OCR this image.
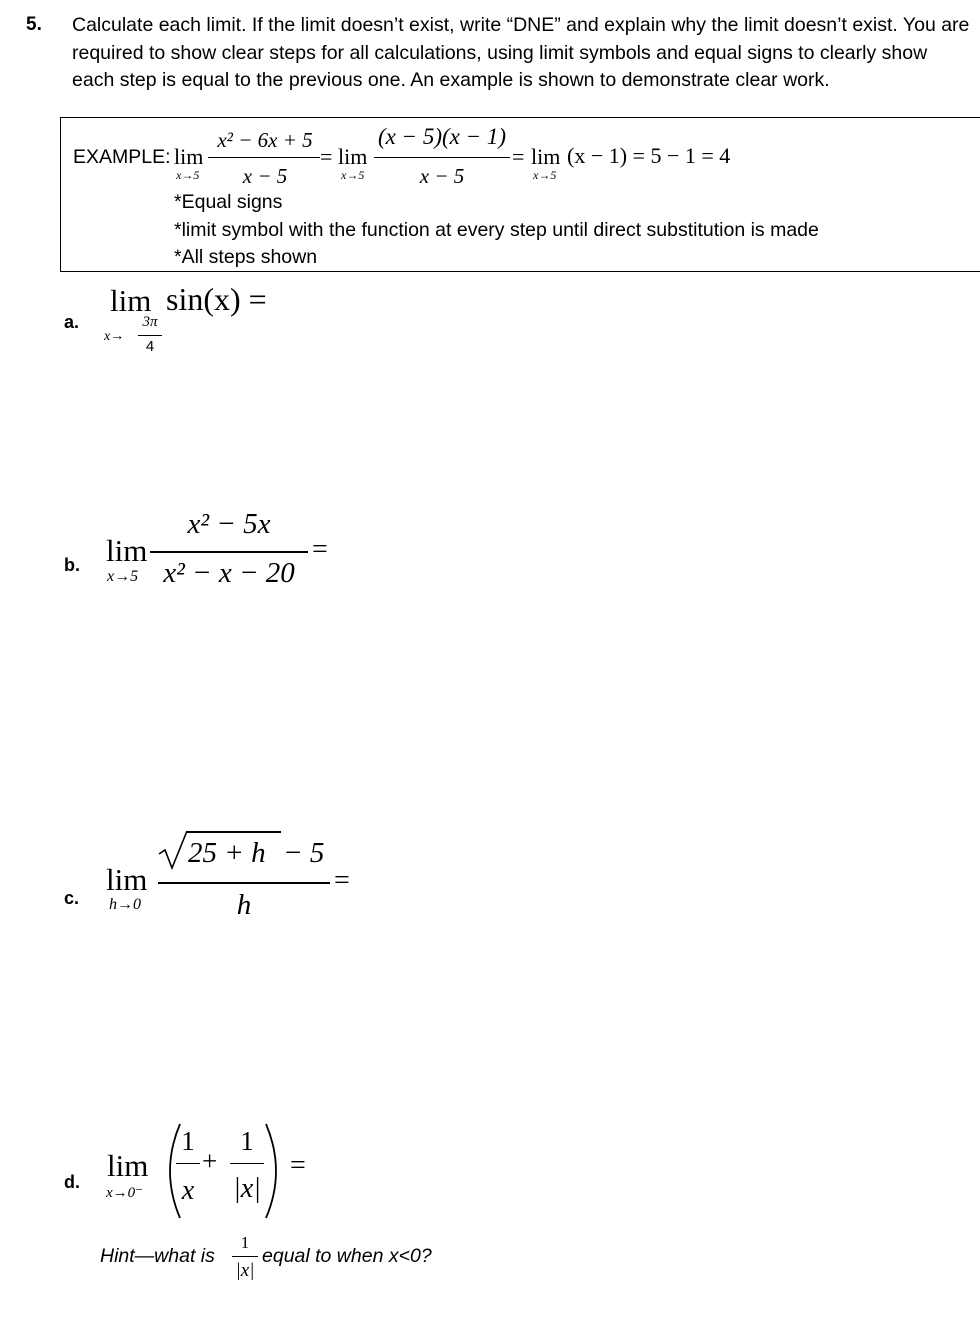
5. Calculate each limit. If the limit doesn’t exist, write “DNE” and explain why the limit doesn’t exist. You are required to show clear steps for all calculations, using limit symbols and equal signs to clearly show each step is equal to the previous one. An example is shown to demonstrate clear work.
EXAMPLE: lim
x→5
x² − 6x + 5
x − 5
= lim
x→5
(x − 5)(x − 1)
x − 5
= lim
x→5
(x − 1) = 5 − 1 = 4
*Equal signs
*limit symbol with the function at every step until direct substitution is made
*All steps shown
a.
lim sin(x) =
x→
3π
4
b. lim
x→5
x² − 5x
x² − x − 20
=
c.
lim
h→0
25 + h − 5
h
=
d. lim
x→0⁻
1
x
+
1
|x|
=
Hint—what is
1
|x|
equal to when x<0?
